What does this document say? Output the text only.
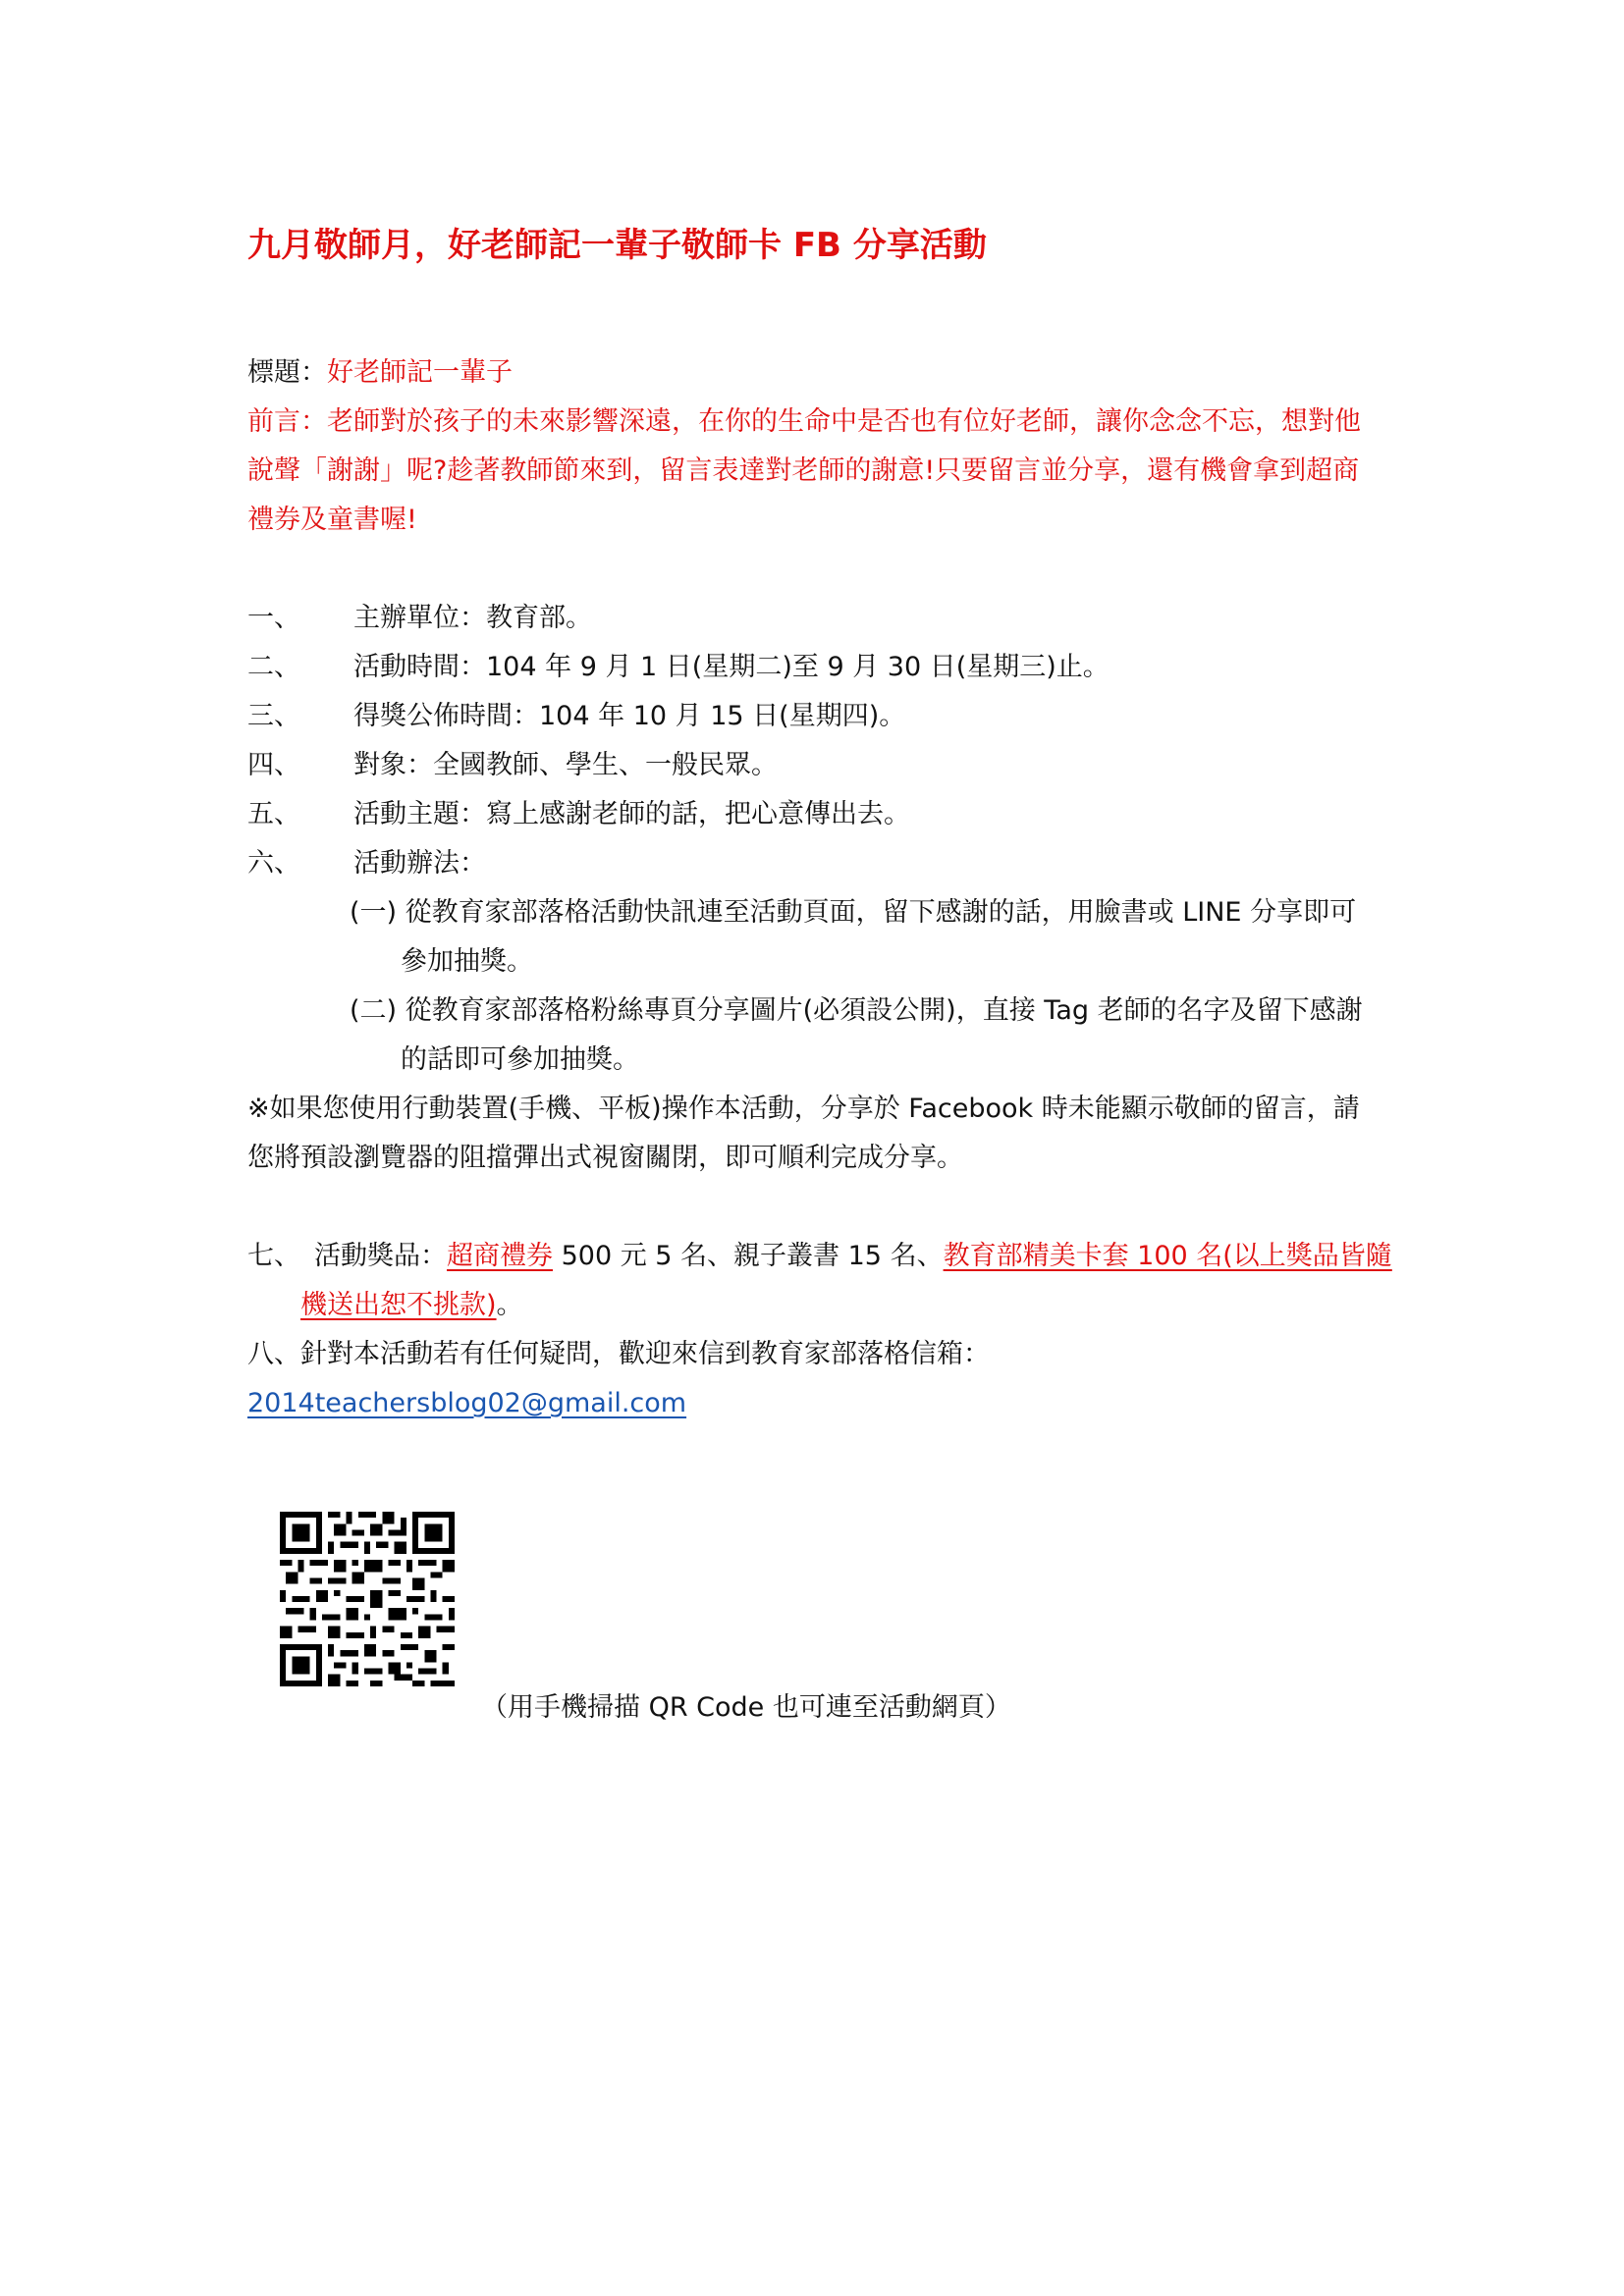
九月敬師月，好老師記一輩子敬師卡 FB 分享活動
標題：好老師記一輩子
前言：老師對於孩子的未來影響深遠，在你的生命中是否也有位好老師，讓你念念不忘，想對他
說聲「謝謝」呢?趁著教師節來到，留言表達對老師的謝意!只要留言並分享，還有機會拿到超商
禮券及童書喔!
一、	主辦單位：教育部。
二、	活動時間：104 年 9 月 1 日(星期二)至 9 月 30 日(星期三)止。
三、	得獎公佈時間：104 年 10 月 15 日(星期四)。
四、	對象：全國教師、學生、一般民眾。
五、	活動主題：寫上感謝老師的話，把心意傳出去。
六、	活動辦法：
(一) 從教育家部落格活動快訊連至活動頁面，留下感謝的話，用臉書或 LINE 分享即可
參加抽獎。
(二) 從教育家部落格粉絲專頁分享圖片(必須設公開)，直接 Tag 老師的名字及留下感謝
的話即可參加抽獎。
※如果您使用行動裝置(手機、平板)操作本活動，分享於 Facebook 時未能顯示敬師的留言，請
您將預設瀏覽器的阻擋彈出式視窗關閉，即可順利完成分享。
七、 活動獎品：超商禮券 500 元 5 名、親子叢書 15 名、教育部精美卡套 100 名(以上獎品皆隨
機送出恕不挑款)。
八、針對本活動若有任何疑問，歡迎來信到教育家部落格信箱：
2014teachersblog02@gmail.com
（用手機掃描 QR Code 也可連至活動網頁）
